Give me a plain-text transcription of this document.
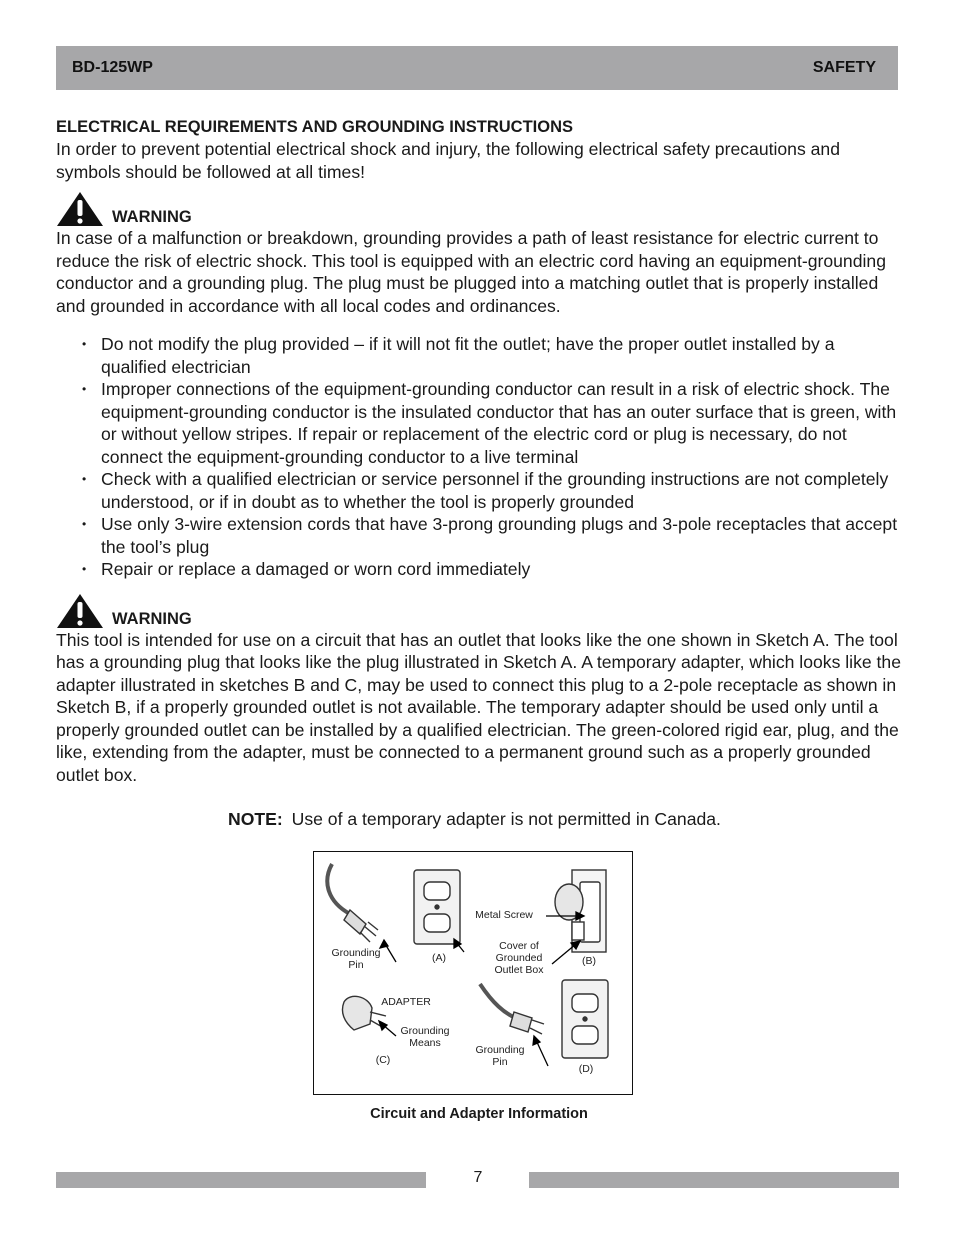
BD-125WP	SAFETY

ELECTRICAL REQUIREMENTS AND GROUNDING INSTRUCTIONS

In order to prevent potential electrical shock and injury, the following electrical safety precautions and symbols should be followed at all times!

WARNING

In case of a malfunction or breakdown, grounding provides a path of least resistance for electric current to reduce the risk of electric shock. This tool is equipped with an electric cord having an equipment-grounding conductor and a grounding plug. The plug must be plugged into a matching outlet that is properly installed and grounded in accordance with all local codes and ordinances.

• Do not modify the plug provided – if it will not fit the outlet; have the proper outlet installed by a qualified electrician
• Improper connections of the equipment-grounding conductor can result in a risk of electric shock. The equipment-grounding conductor is the insulated conductor that has an outer surface that is green, with or without yellow stripes. If repair or replacement of the electric cord or plug is necessary, do not connect the equipment-grounding conductor to a live terminal
• Check with a qualified electrician or service personnel if the grounding instructions are not completely understood, or if in doubt as to whether the tool is properly grounded
• Use only 3-wire extension cords that have 3-prong grounding plugs and 3-pole receptacles that accept the tool’s plug
• Repair or replace a damaged or worn cord immediately
WARNING

This tool is intended for use on a circuit that has an outlet that looks like the one shown in Sketch A. The tool has a grounding plug that looks like the plug illustrated in Sketch A. A temporary adapter, which looks like the adapter illustrated in sketches B and C, may be used to connect this plug to a 2-pole receptacle as shown in Sketch B, if a properly grounded outlet is not available. The temporary adapter should be used only until a properly grounded outlet can be installed by a qualified electrician. The green-colored rigid ear, plug, and the like, extending from the adapter, must be connected to a permanent ground such as a properly grounded outlet box.

NOTE: Use of a temporary adapter is not permitted in Canada.

Grounding Pin
(A)
Metal Screw
Cover of Grounded Outlet Box
(B)
ADAPTER
Grounding Means
(C)
Grounding Pin
(D)
Circuit and Adapter Information
7
